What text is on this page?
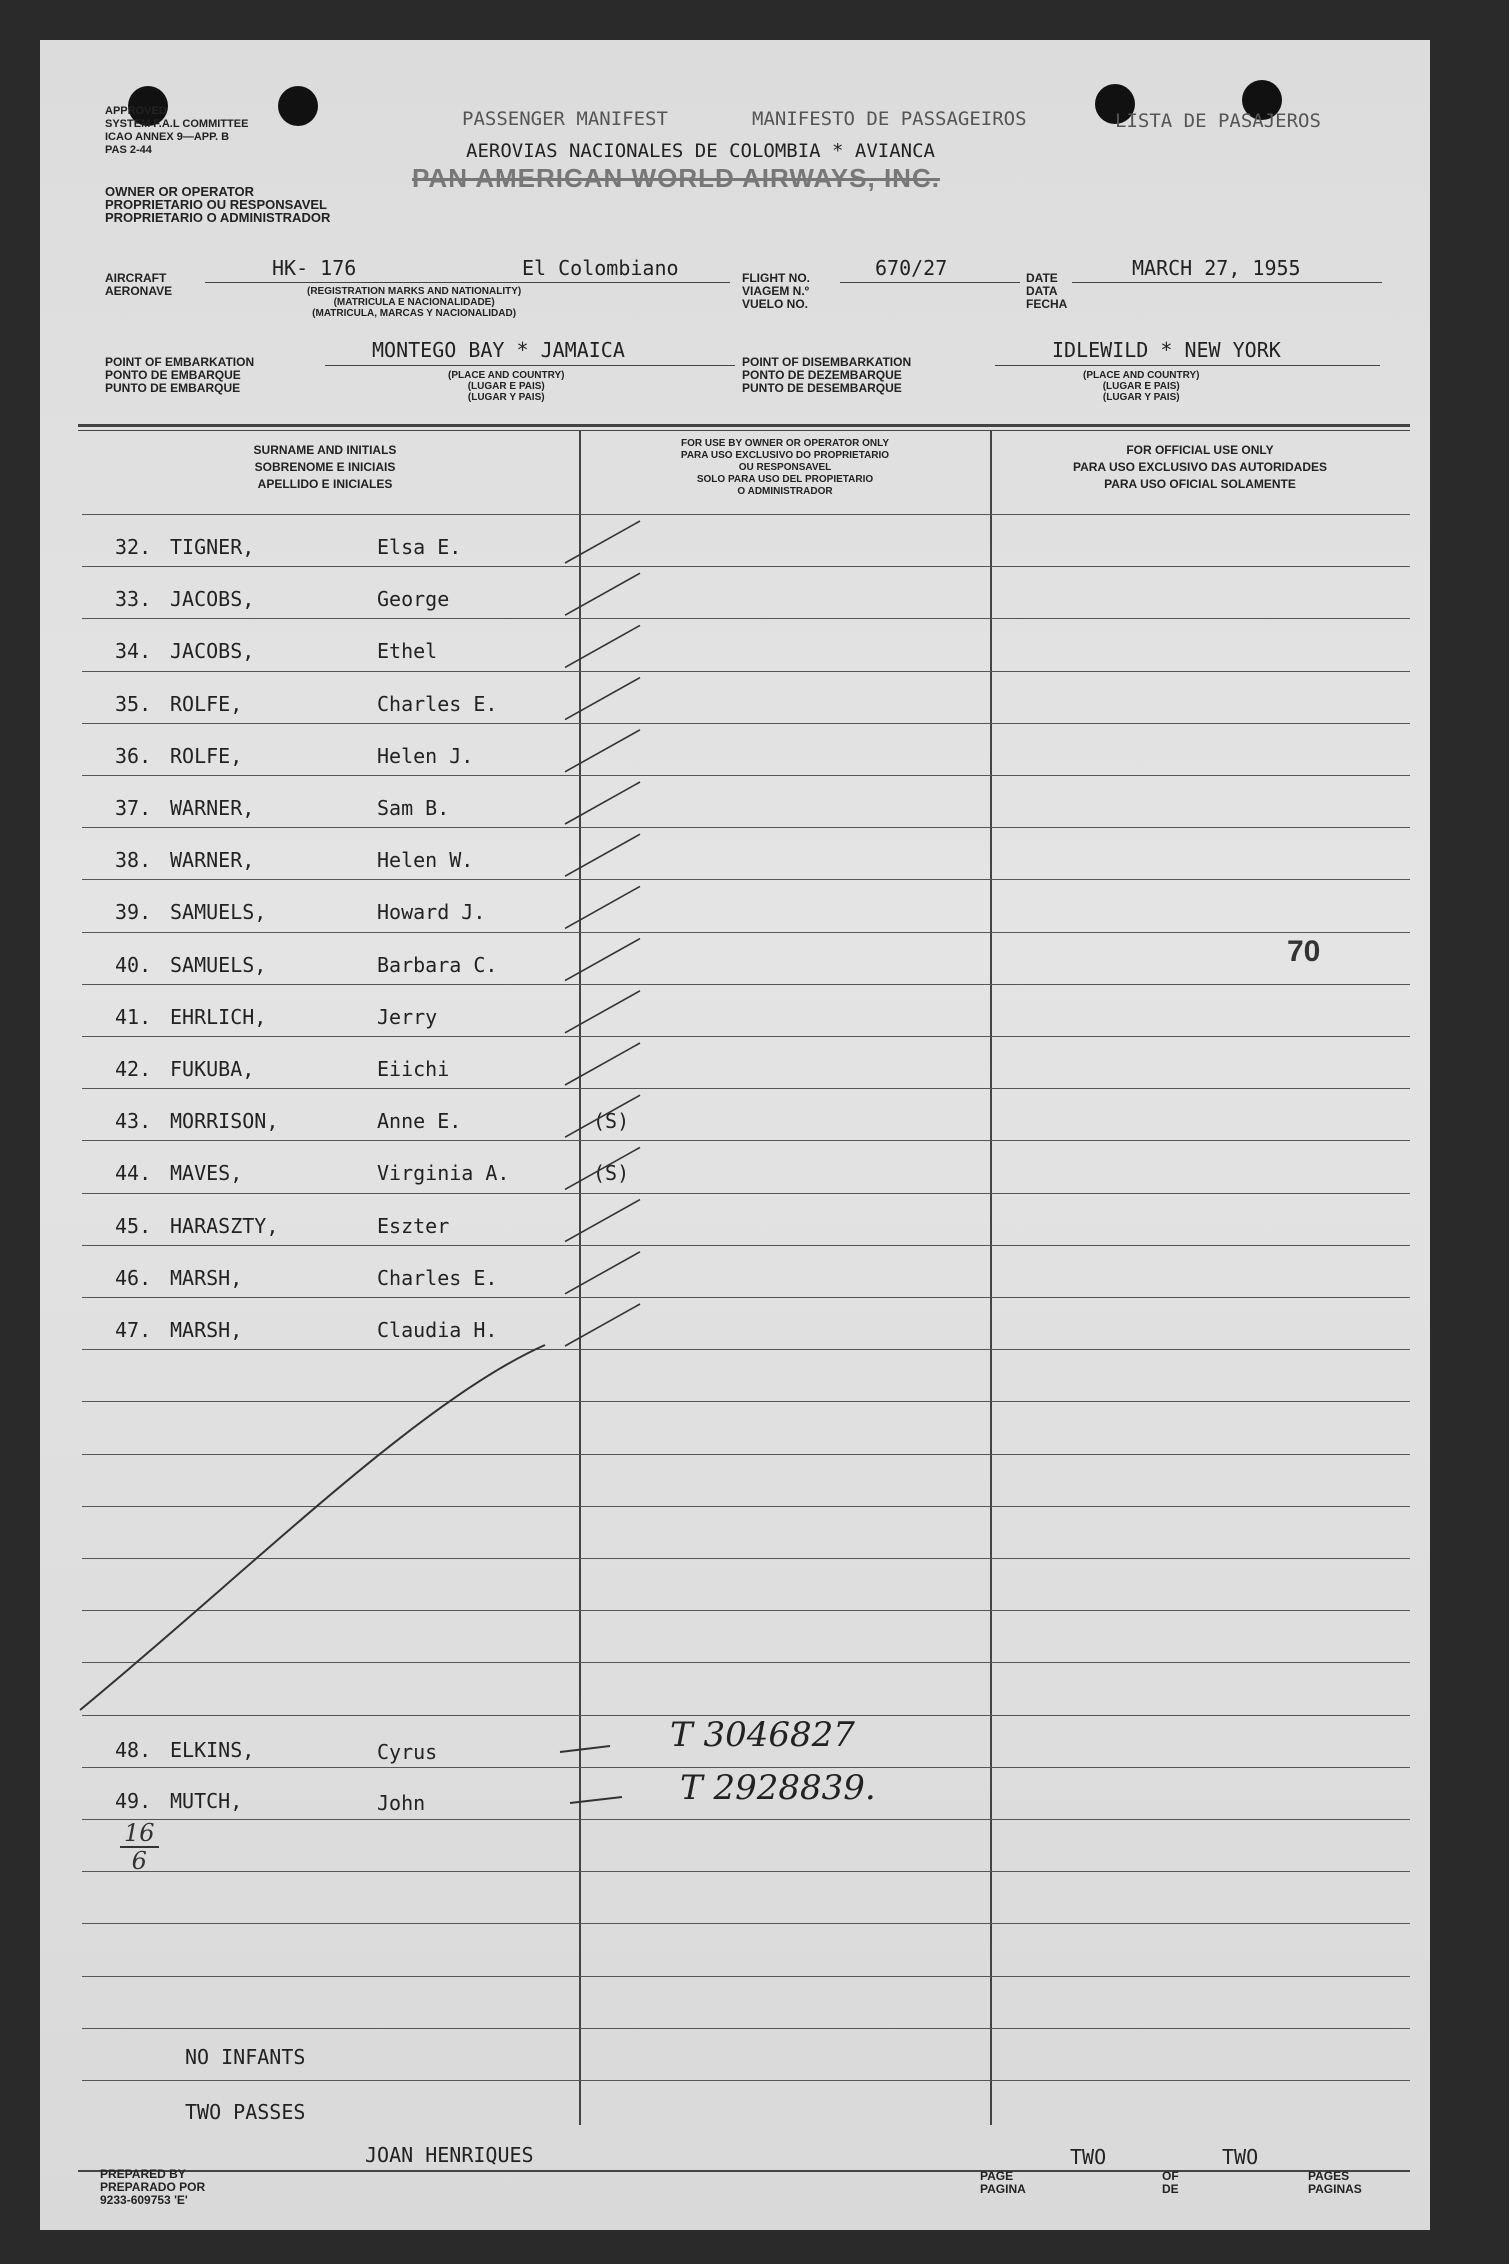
APPROVED
SYSTEM F.A.L COMMITTEE
ICAO ANNEX 9—APP. B
PAS 2-44
OWNER OR OPERATOR
PROPRIETARIO OU RESPONSAVEL
PROPRIETARIO O ADMINISTRADOR
PASSENGER MANIFEST	MANIFESTO DE PASSAGEIROS	LISTA DE PASAJEROS
AEROVIAS NACIONALES DE COLOMBIA * AVIANCA
PAN AMERICAN WORLD AIRWAYS, INC.
AIRCRAFT
AERONAVE
HK- 176	El Colombiano
(REGISTRATION MARKS AND NATIONALITY)
(MATRICULA E NACIONALIDADE)
(MATRICULA, MARCAS Y NACIONALIDAD)
FLIGHT NO.
VIAGEM N.º
VUELO NO.
670/27	DATE
DATA
FECHA
MARCH 27, 1955
POINT OF EMBARKATION
PONTO DE EMBARQUE
PUNTO DE EMBARQUE
MONTEGO BAY * JAMAICA
(PLACE AND COUNTRY)
(LUGAR E PAIS)
(LUGAR Y PAIS)
POINT OF DISEMBARKATION
PONTO DE DEZEMBARQUE
PUNTO DE DESEMBARQUE
IDLEWILD * NEW YORK
(PLACE AND COUNTRY)
(LUGAR E PAIS)
(LUGAR Y PAIS)
SURNAME AND INITIALS
SOBRENOME E INICIAIS
APELLIDO E INICIALES
FOR USE BY OWNER OR OPERATOR ONLY
PARA USO EXCLUSIVO DO PROPRIETARIO
OU RESPONSAVEL
SOLO PARA USO DEL PROPIETARIO
O ADMINISTRADOR
FOR OFFICIAL USE ONLY
PARA USO EXCLUSIVO DAS AUTORIDADES
PARA USO OFICIAL SOLAMENTE
32. TIGNER,	Elsa E.
33. JACOBS,	George
34. JACOBS,	Ethel
35. ROLFE,	Charles E.
36. ROLFE,	Helen J.
37. WARNER,	Sam B.
38. WARNER,	Helen W.
39. SAMUELS,	Howard J.
40. SAMUELS,	Barbara C.
41. EHRLICH,	Jerry
42. FUKUBA,	Eiichi
43. MORRISON,	Anne E.	(S)
44. MAVES,	Virginia A.	(S)
45. HARASZTY,	Eszter
46. MARSH,	Charles E.
47. MARSH,	Claudia H.
70
48. ELKINS,	Cyrus	T 3046827
49. MUTCH,	John	T 2928839.
16
6
NO INFANTS
TWO PASSES
PREPARED BY
PREPARADO POR
9233-609753 'E'
JOAN HENRIQUES
PAGE
PAGINA
TWO
OF
DE
TWO
PAGES
PAGINAS
